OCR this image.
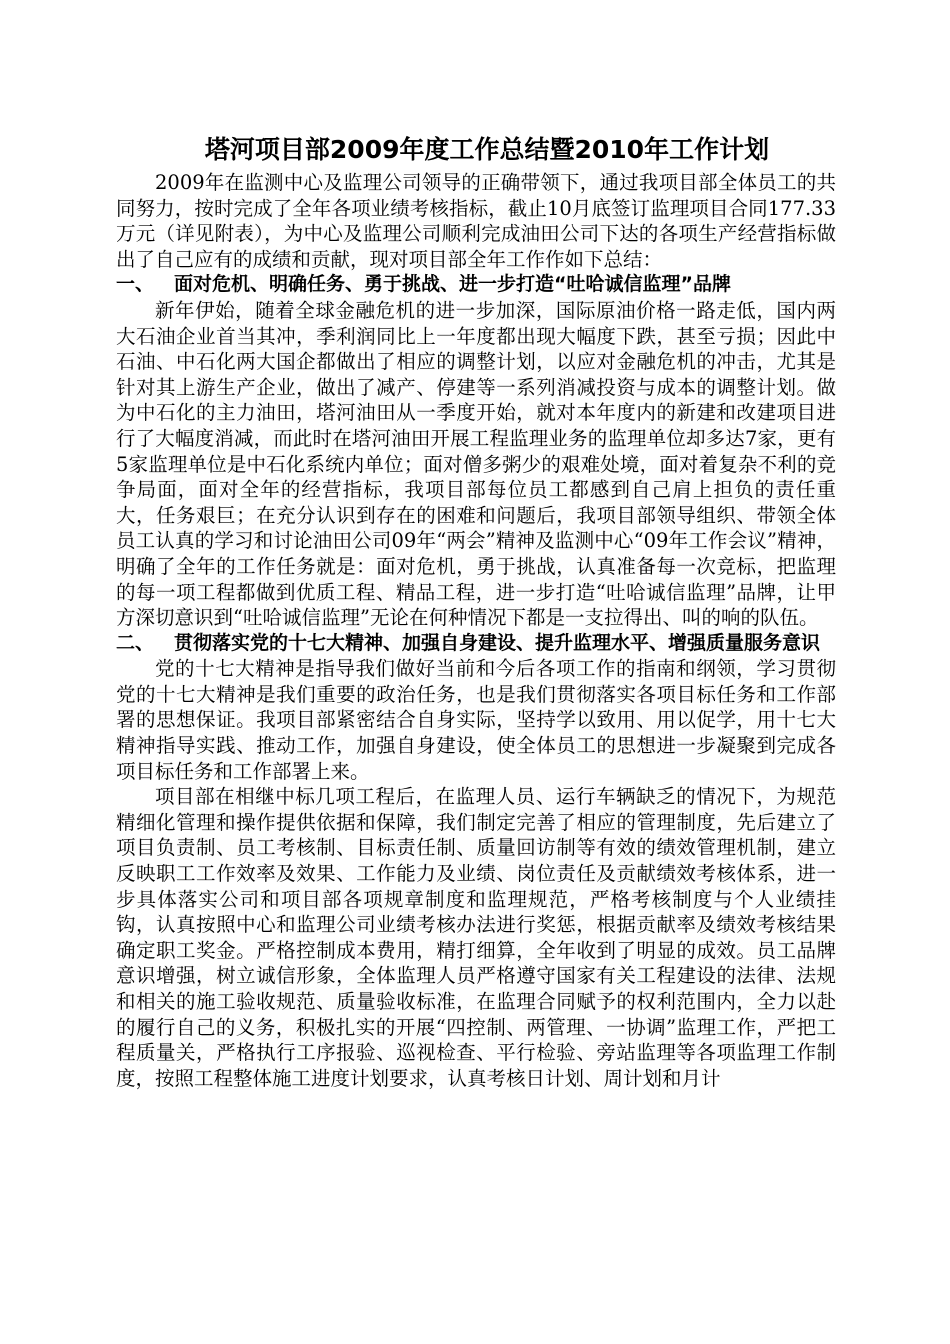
塔河项目部2009年度工作总结暨2010年工作计划

2009年在监测中心及监理公司领导的正确带领下，通过我项目部全体员工的共同努力，按时完成了全年各项业绩考核指标，截止10月底签订监理项目合同177.33万元（详见附表），为中心及监理公司顺利完成油田公司下达的各项生产经营指标做出了自己应有的成绩和贡献，现对项目部全年工作作如下总结：

一、 面对危机、明确任务、勇于挑战、进一步打造“吐哈诚信监理”品牌

新年伊始，随着全球金融危机的进一步加深，国际原油价格一路走低，国内两大石油企业首当其冲，季利润同比上一年度都出现大幅度下跌，甚至亏损；因此中石油、中石化两大国企都做出了相应的调整计划，以应对金融危机的冲击，尤其是针对其上游生产企业，做出了减产、停建等一系列消减投资与成本的调整计划。做为中石化的主力油田，塔河油田从一季度开始，就对本年度内的新建和改建项目进行了大幅度消减，而此时在塔河油田开展工程监理业务的监理单位却多达7家，更有5家监理单位是中石化系统内单位；面对僧多粥少的艰难处境，面对着复杂不利的竞争局面，面对全年的经营指标，我项目部每位员工都感到自己肩上担负的责任重大，任务艰巨；在充分认识到存在的困难和问题后，我项目部领导组织、带领全体员工认真的学习和讨论油田公司09年“两会”精神及监测中心“09年工作会议”精神，明确了全年的工作任务就是：面对危机，勇于挑战，认真准备每一次竞标，把监理的每一项工程都做到优质工程、精品工程，进一步打造“吐哈诚信监理”品牌，让甲方深切意识到“吐哈诚信监理”无论在何种情况下都是一支拉得出、叫的响的队伍。

二、 贯彻落实党的十七大精神、加强自身建设、提升监理水平、增强质量服务意识

党的十七大精神是指导我们做好当前和今后各项工作的指南和纲领，学习贯彻党的十七大精神是我们重要的政治任务，也是我们贯彻落实各项目标任务和工作部署的思想保证。我项目部紧密结合自身实际，坚持学以致用、用以促学，用十七大精神指导实践、推动工作，加强自身建设，使全体员工的思想进一步凝聚到完成各项目标任务和工作部署上来。

项目部在相继中标几项工程后，在监理人员、运行车辆缺乏的情况下，为规范精细化管理和操作提供依据和保障，我们制定完善了相应的管理制度，先后建立了项目负责制、员工考核制、目标责任制、质量回访制等有效的绩效管理机制，建立反映职工工作效率及效果、工作能力及业绩、岗位责任及贡献绩效考核体系，进一步具体落实公司和项目部各项规章制度和监理规范，严格考核制度与个人业绩挂钩，认真按照中心和监理公司业绩考核办法进行奖惩，根据贡献率及绩效考核结果确定职工奖金。严格控制成本费用，精打细算，全年收到了明显的成效。员工品牌意识增强，树立诚信形象，全体监理人员严格遵守国家有关工程建设的法律、法规和相关的施工验收规范、质量验收标准，在监理合同赋予的权利范围内，全力以赴的履行自己的义务，积极扎实的开展“四控制、两管理、一协调”监理工作，严把工程质量关，严格执行工序报验、巡视检查、平行检验、旁站监理等各项监理工作制度，按照工程整体施工进度计划要求，认真考核日计划、周计划和月计
